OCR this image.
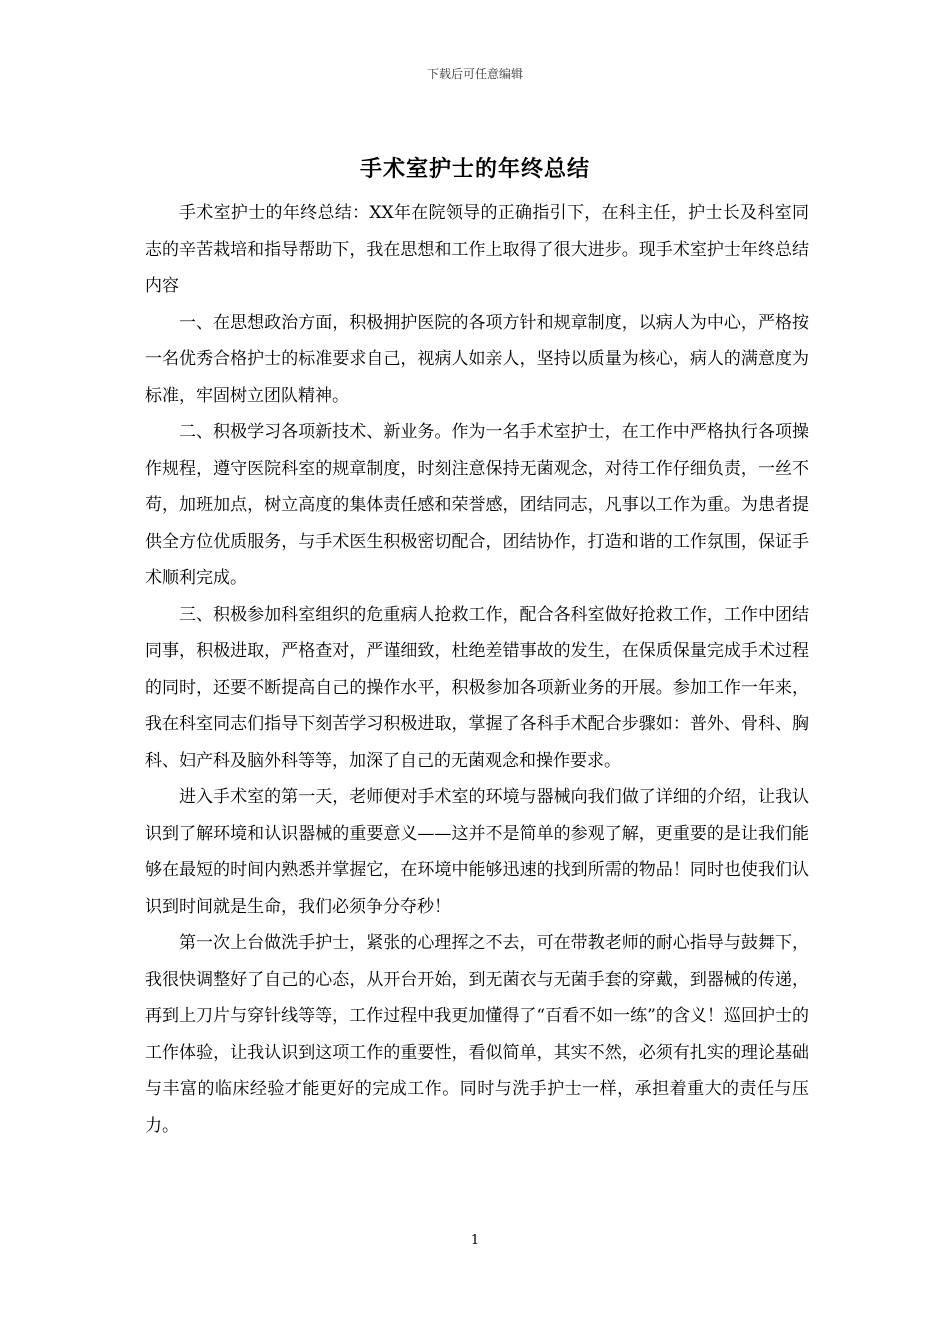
下载后可任意编辑
手术室护士的年终总结

手术室护士的年终总结：XX年在院领导的正确指引下，在科主任，护士长及科室同志的辛苦栽培和指导帮助下，我在思想和工作上取得了很大进步。现手术室护士年终总结内容

一、在思想政治方面，积极拥护医院的各项方针和规章制度，以病人为中心，严格按一名优秀合格护士的标准要求自己，视病人如亲人，坚持以质量为核心，病人的满意度为标准，牢固树立团队精神。

二、积极学习各项新技术、新业务。作为一名手术室护士，在工作中严格执行各项操作规程，遵守医院科室的规章制度，时刻注意保持无菌观念，对待工作仔细负责，一丝不苟，加班加点，树立高度的集体责任感和荣誉感，团结同志，凡事以工作为重。为患者提供全方位优质服务，与手术医生积极密切配合，团结协作，打造和谐的工作氛围，保证手术顺利完成。

三、积极参加科室组织的危重病人抢救工作，配合各科室做好抢救工作，工作中团结同事，积极进取，严格查对，严谨细致，杜绝差错事故的发生，在保质保量完成手术过程的同时，还要不断提高自己的操作水平，积极参加各项新业务的开展。参加工作一年来，我在科室同志们指导下刻苦学习积极进取，掌握了各科手术配合步骤如：普外、骨科、胸科、妇产科及脑外科等等，加深了自己的无菌观念和操作要求。

进入手术室的第一天，老师便对手术室的环境与器械向我们做了详细的介绍，让我认识到了解环境和认识器械的重要意义——这并不是简单的参观了解，更重要的是让我们能够在最短的时间内熟悉并掌握它，在环境中能够迅速的找到所需的物品！同时也使我们认识到时间就是生命，我们必须争分夺秒！

第一次上台做洗手护士，紧张的心理挥之不去，可在带教老师的耐心指导与鼓舞下，我很快调整好了自己的心态，从开台开始，到无菌衣与无菌手套的穿戴，到器械的传递，再到上刀片与穿针线等等，工作过程中我更加懂得了“百看不如一练”的含义！巡回护士的工作体验，让我认识到这项工作的重要性，看似简单，其实不然，必须有扎实的理论基础与丰富的临床经验才能更好的完成工作。同时与洗手护士一样，承担着重大的责任与压力。

1
